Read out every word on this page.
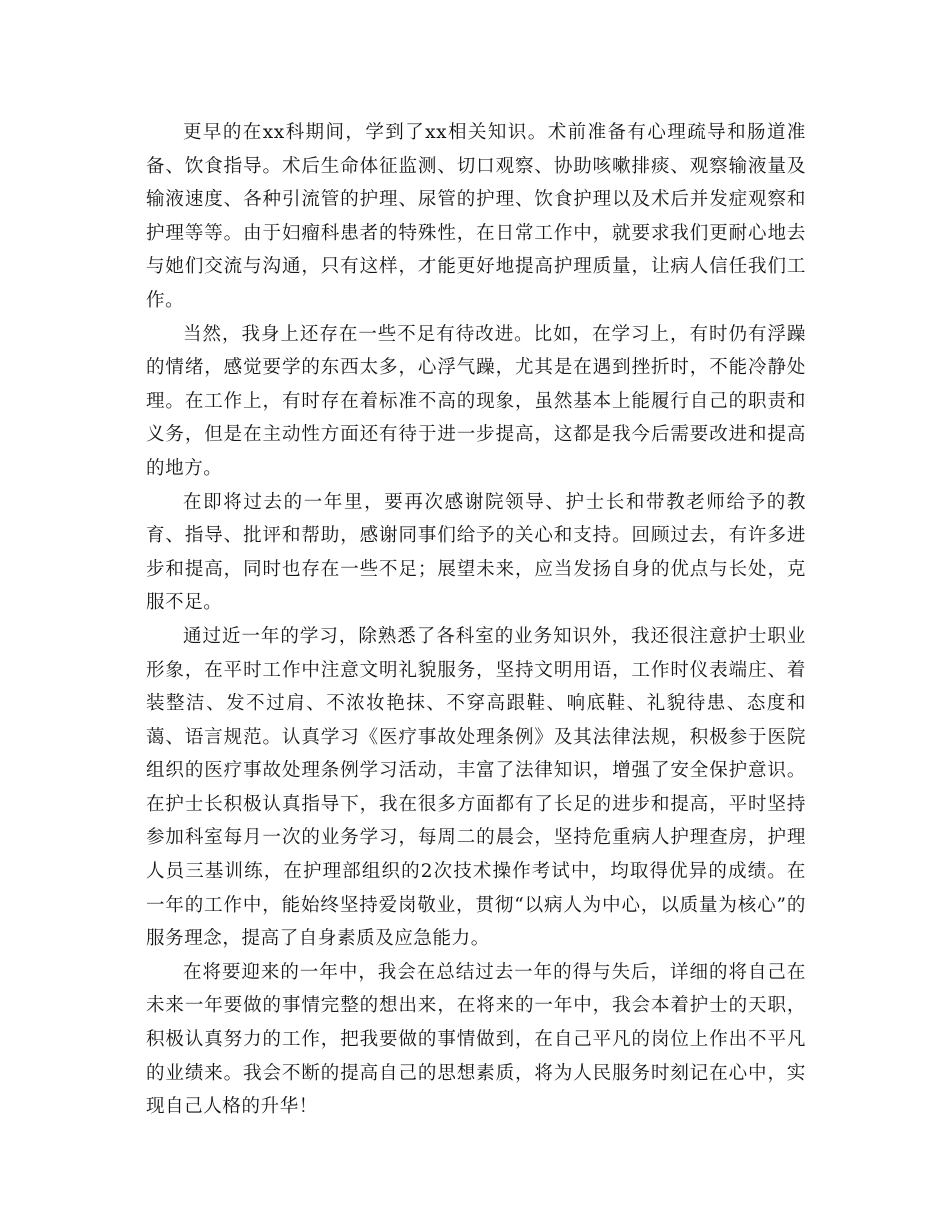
更早的在xx科期间，学到了xx相关知识。术前准备有心理疏导和肠道准备、饮食指导。术后生命体征监测、切口观察、协助咳嗽排痰、观察输液量及输液速度、各种引流管的护理、尿管的护理、饮食护理以及术后并发症观察和护理等等。由于妇瘤科患者的特殊性，在日常工作中，就要求我们更耐心地去与她们交流与沟通，只有这样，才能更好地提高护理质量，让病人信任我们工作。

当然，我身上还存在一些不足有待改进。比如，在学习上，有时仍有浮躁的情绪，感觉要学的东西太多，心浮气躁，尤其是在遇到挫折时，不能冷静处理。在工作上，有时存在着标准不高的现象，虽然基本上能履行自己的职责和义务，但是在主动性方面还有待于进一步提高，这都是我今后需要改进和提高的地方。

在即将过去的一年里，要再次感谢院领导、护士长和带教老师给予的教育、指导、批评和帮助，感谢同事们给予的关心和支持。回顾过去，有许多进步和提高，同时也存在一些不足；展望未来，应当发扬自身的优点与长处，克服不足。

通过近一年的学习，除熟悉了各科室的业务知识外，我还很注意护士职业形象，在平时工作中注意文明礼貌服务，坚持文明用语，工作时仪表端庄、着装整洁、发不过肩、不浓妆艳抹、不穿高跟鞋、响底鞋、礼貌待患、态度和蔼、语言规范。认真学习《医疗事故处理条例》及其法律法规，积极参于医院组织的医疗事故处理条例学习活动，丰富了法律知识，增强了安全保护意识。在护士长积极认真指导下，我在很多方面都有了长足的进步和提高，平时坚持参加科室每月一次的业务学习，每周二的晨会，坚持危重病人护理查房，护理人员三基训练，在护理部组织的2次技术操作考试中，均取得优异的成绩。在一年的工作中，能始终坚持爱岗敬业，贯彻“以病人为中心，以质量为核心”的服务理念，提高了自身素质及应急能力。

在将要迎来的一年中，我会在总结过去一年的得与失后，详细的将自己在未来一年要做的事情完整的想出来，在将来的一年中，我会本着护士的天职，积极认真努力的工作，把我要做的事情做到，在自己平凡的岗位上作出不平凡的业绩来。我会不断的提高自己的思想素质，将为人民服务时刻记在心中，实现自己人格的升华！
